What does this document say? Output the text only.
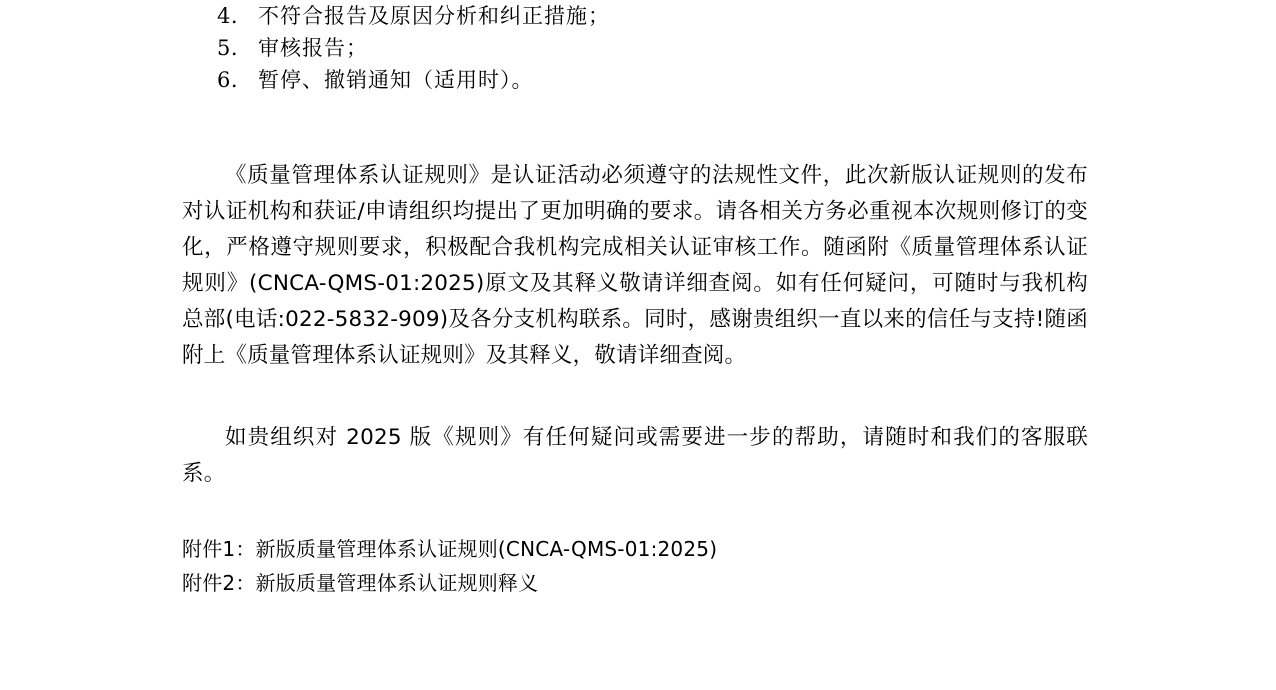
4. 不符合报告及原因分析和纠正措施；
5. 审核报告；
6. 暂停、撤销通知（适用时）。

《质量管理体系认证规则》是认证活动必须遵守的法规性文件，此次新版认证规则的发布对认证机构和获证/申请组织均提出了更加明确的要求。请各相关方务必重视本次规则修订的变化，严格遵守规则要求，积极配合我机构完成相关认证审核工作。随函附《质量管理体系认证规则》(CNCA-QMS-01:2025)原文及其释义敬请详细查阅。如有任何疑问，可随时与我机构总部(电话:022-5832-909)及各分支机构联系。同时，感谢贵组织一直以来的信任与支持!随函附上《质量管理体系认证规则》及其释义，敬请详细查阅。

如贵组织对 2025 版《规则》有任何疑问或需要进一步的帮助，请随时和我们的客服联系。

附件1：新版质量管理体系认证规则(CNCA-QMS-01:2025)
附件2：新版质量管理体系认证规则释义
